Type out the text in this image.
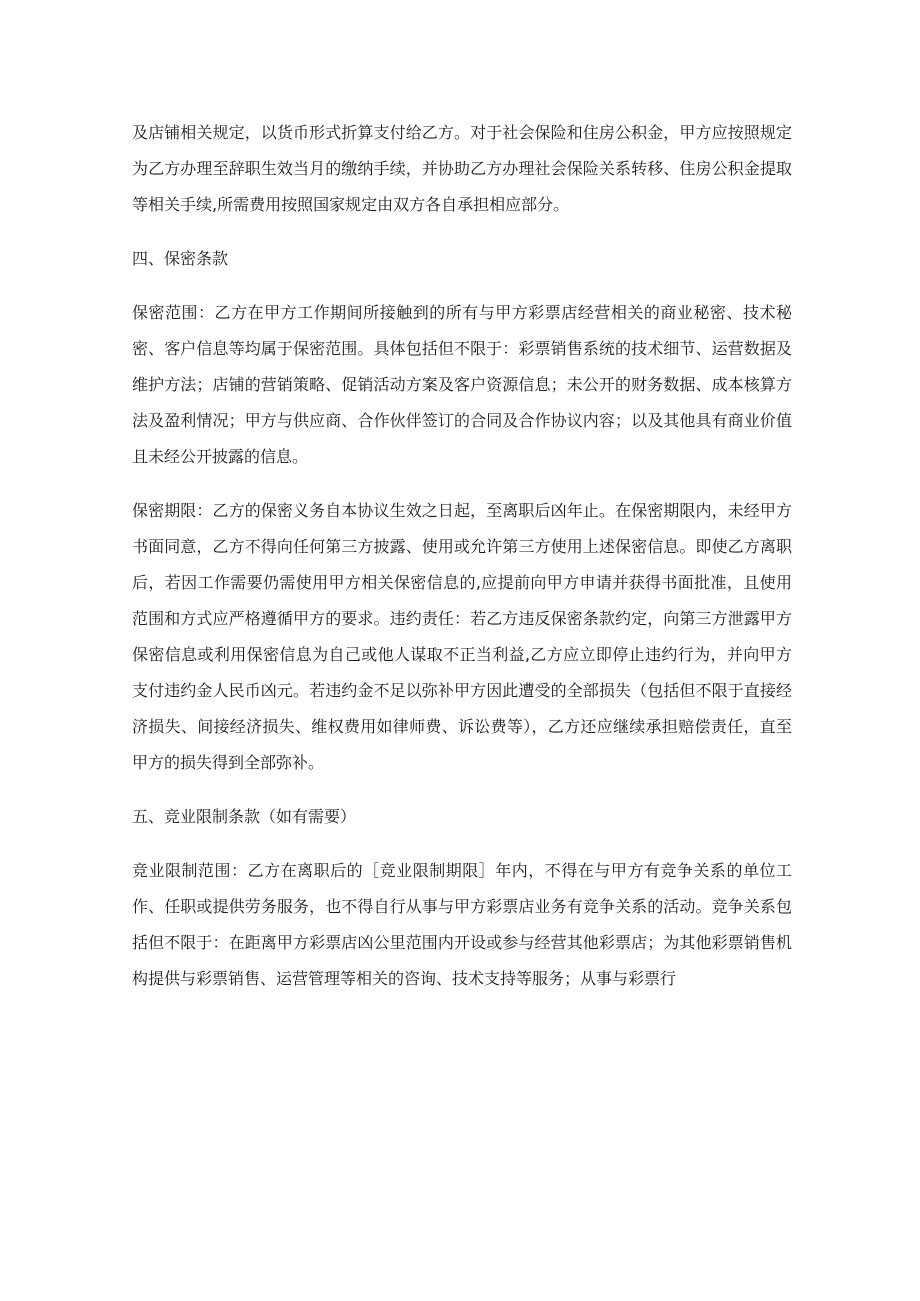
及店铺相关规定，以货币形式折算支付给乙方。对于社会保险和住房公积金，甲方应按照规定为乙方办理至辞职生效当月的缴纳手续，并协助乙方办理社会保险关系转移、住房公积金提取等相关手续,所需费用按照国家规定由双方各自承担相应部分。

四、保密条款

保密范围：乙方在甲方工作期间所接触到的所有与甲方彩票店经营相关的商业秘密、技术秘密、客户信息等均属于保密范围。具体包括但不限于：彩票销售系统的技术细节、运营数据及维护方法；店铺的营销策略、促销活动方案及客户资源信息；未公开的财务数据、成本核算方法及盈利情况；甲方与供应商、合作伙伴签订的合同及合作协议内容；以及其他具有商业价值且未经公开披露的信息。

保密期限：乙方的保密义务自本协议生效之日起，至离职后凶年止。在保密期限内，未经甲方书面同意，乙方不得向任何第三方披露、使用或允许第三方使用上述保密信息。即使乙方离职后，若因工作需要仍需使用甲方相关保密信息的,应提前向甲方申请并获得书面批准，且使用范围和方式应严格遵循甲方的要求。违约责任：若乙方违反保密条款约定，向第三方泄露甲方保密信息或利用保密信息为自己或他人谋取不正当利益,乙方应立即停止违约行为，并向甲方支付违约金人民币凶元。若违约金不足以弥补甲方因此遭受的全部损失（包括但不限于直接经济损失、间接经济损失、维权费用如律师费、诉讼费等），乙方还应继续承担赔偿责任，直至甲方的损失得到全部弥补。

五、竞业限制条款（如有需要）

竞业限制范围：乙方在离职后的［竞业限制期限］年内，不得在与甲方有竞争关系的单位工作、任职或提供劳务服务，也不得自行从事与甲方彩票店业务有竞争关系的活动。竞争关系包括但不限于：在距离甲方彩票店凶公里范围内开设或参与经营其他彩票店；为其他彩票销售机构提供与彩票销售、运营管理等相关的咨询、技术支持等服务；从事与彩票行
